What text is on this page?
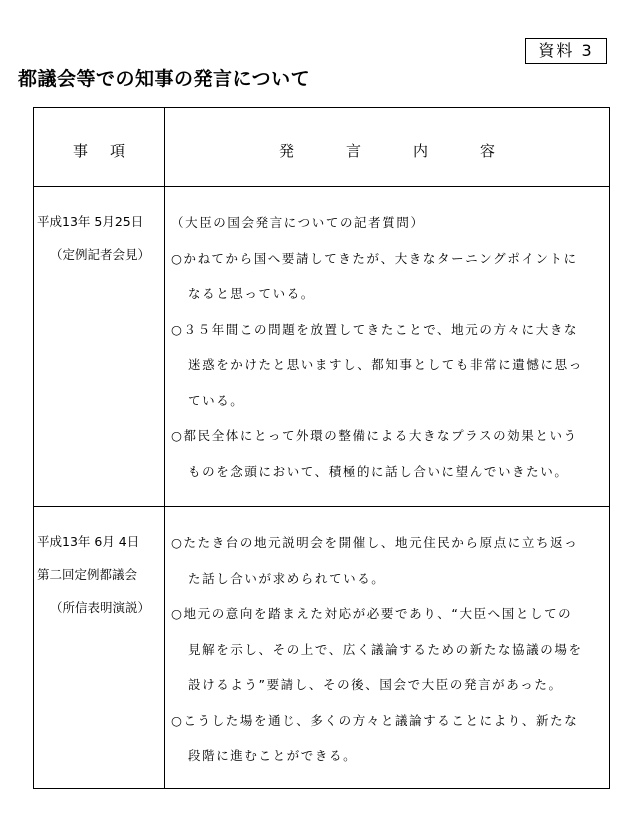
資料 3
都議会等での知事の発言について
事項	発言内容
平成13年 5月25日
（定例記者会見）
（大臣の国会発言についての記者質問）
○かねてから国へ要請してきたが、大きなターニングポイントに
なると思っている。
○３５年間この問題を放置してきたことで、地元の方々に大きな
迷惑をかけたと思いますし、都知事としても非常に遺憾に思っ
ている。
○都民全体にとって外環の整備による大きなプラスの効果という
ものを念頭において、積極的に話し合いに望んでいきたい。
平成13年 6月 4日
第二回定例都議会
（所信表明演説）
○たたき台の地元説明会を開催し、地元住民から原点に立ち返っ
た話し合いが求められている。
○地元の意向を踏まえた対応が必要であり、“大臣へ国としての
見解を示し、その上で、広く議論するための新たな協議の場を
設けるよう”要請し、その後、国会で大臣の発言があった。
○こうした場を通じ、多くの方々と議論することにより、新たな
段階に進むことができる。
